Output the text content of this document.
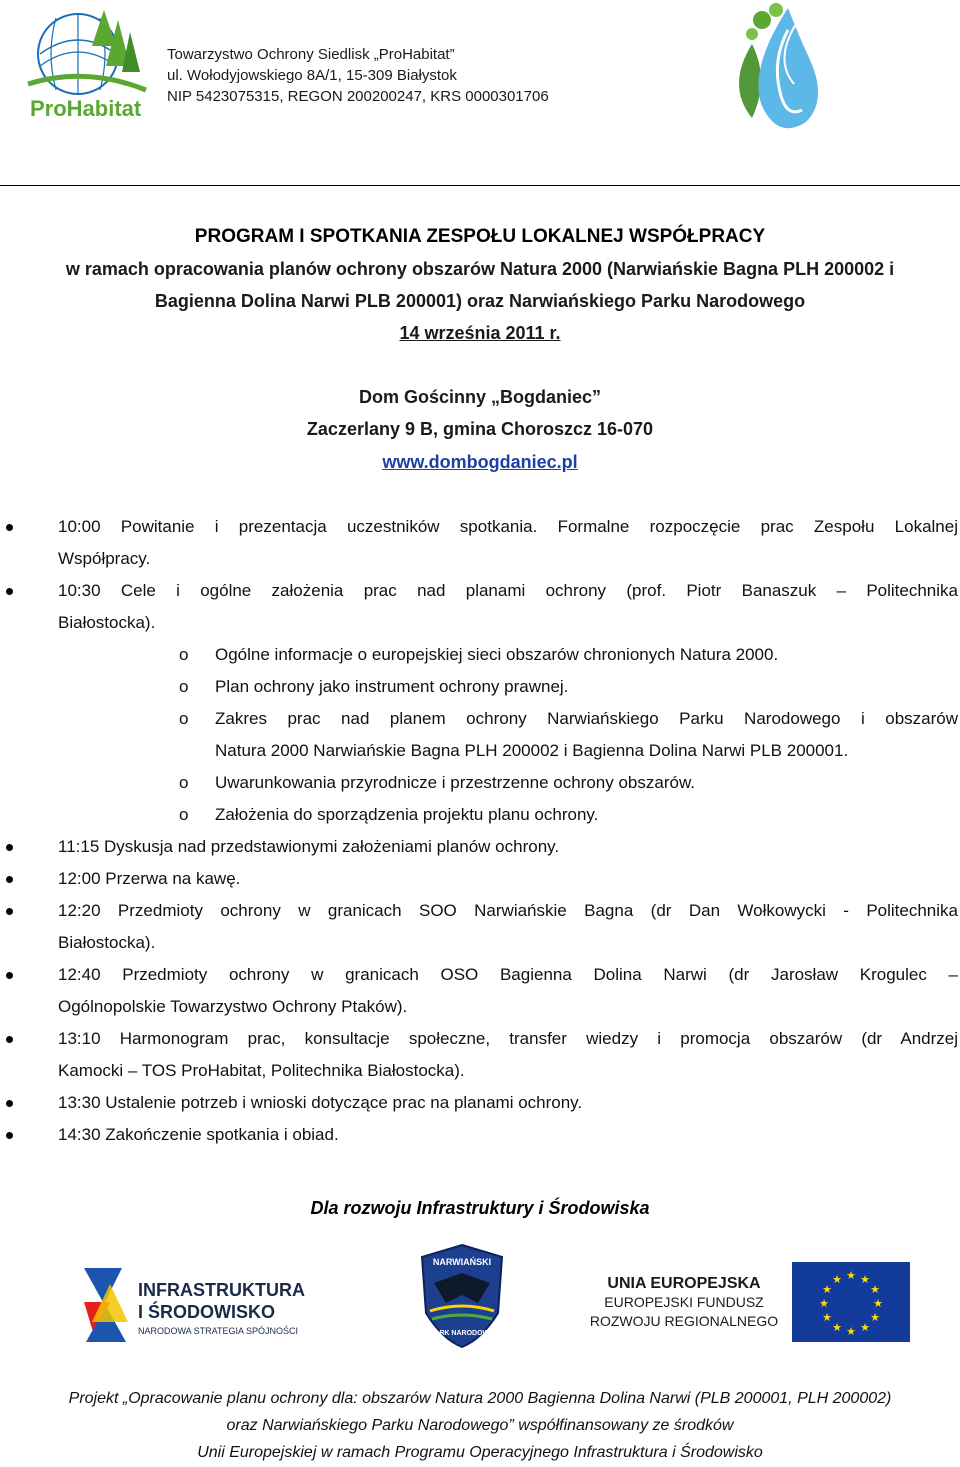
ProHabitat
Towarzystwo Ochrony Siedlisk „ProHabitat”
ul. Wołodyjowskiego 8A/1, 15-309 Białystok
NIP 5423075315, REGON 200200247, KRS 0000301706
PROGRAM I SPOTKANIA ZESPOŁU LOKALNEJ WSPÓŁPRACY
w ramach opracowania planów ochrony obszarów Natura 2000 (Narwiańskie Bagna PLH 200002 i
Bagienna Dolina Narwi PLB 200001) oraz Narwiańskiego Parku Narodowego
14 września 2011 r.
Dom Gościnny „Bogdaniec”
Zaczerlany 9 B, gmina Choroszcz 16-070
www.dombogdaniec.pl
10:00 Powitanie i prezentacja uczestników spotkania. Formalne rozpoczęcie prac Zespołu Lokalnej
Współpracy.
10:30 Cele i ogólne założenia prac nad planami ochrony (prof. Piotr Banaszuk – Politechnika
Białostocka).
o Ogólne informacje o europejskiej sieci obszarów chronionych Natura 2000.
o Plan ochrony jako instrument ochrony prawnej.
o Zakres prac nad planem ochrony Narwiańskiego Parku Narodowego i obszarów
Natura 2000 Narwiańskie Bagna PLH 200002 i Bagienna Dolina Narwi PLB 200001.
o Uwarunkowania przyrodnicze i przestrzenne ochrony obszarów.
o Założenia do sporządzenia projektu planu ochrony.
11:15 Dyskusja nad przedstawionymi założeniami planów ochrony.
12:00 Przerwa na kawę.
12:20 Przedmioty ochrony w granicach SOO Narwiańskie Bagna (dr Dan Wołkowycki - Politechnika
Białostocka).
12:40 Przedmioty ochrony w granicach OSO Bagienna Dolina Narwi (dr Jarosław Krogulec –
Ogólnopolskie Towarzystwo Ochrony Ptaków).
13:10 Harmonogram prac, konsultacje społeczne, transfer wiedzy i promocja obszarów (dr Andrzej
Kamocki – TOS ProHabitat, Politechnika Białostocka).
13:30 Ustalenie potrzeb i wnioski dotyczące prac na planami ochrony.
14:30 Zakończenie spotkania i obiad.
Dla rozwoju Infrastruktury i Środowiska
INFRASTRUKTURA
I ŚRODOWISKO
NARODOWA STRATEGIA SPÓJNOŚCI
NARWIAŃSKI
PARK NARODOWY
UNIA EUROPEJSKA
EUROPEJSKI FUNDUSZ
ROZWOJU REGIONALNEGO
★ ★
★
★
★
★
★
★
★
★
★
★
Projekt „Opracowanie planu ochrony dla: obszarów Natura 2000 Bagienna Dolina Narwi (PLB 200001, PLH 200002)
oraz Narwiańskiego Parku Narodowego” współfinansowany ze środków
Unii Europejskiej w ramach Programu Operacyjnego Infrastruktura i Środowisko
